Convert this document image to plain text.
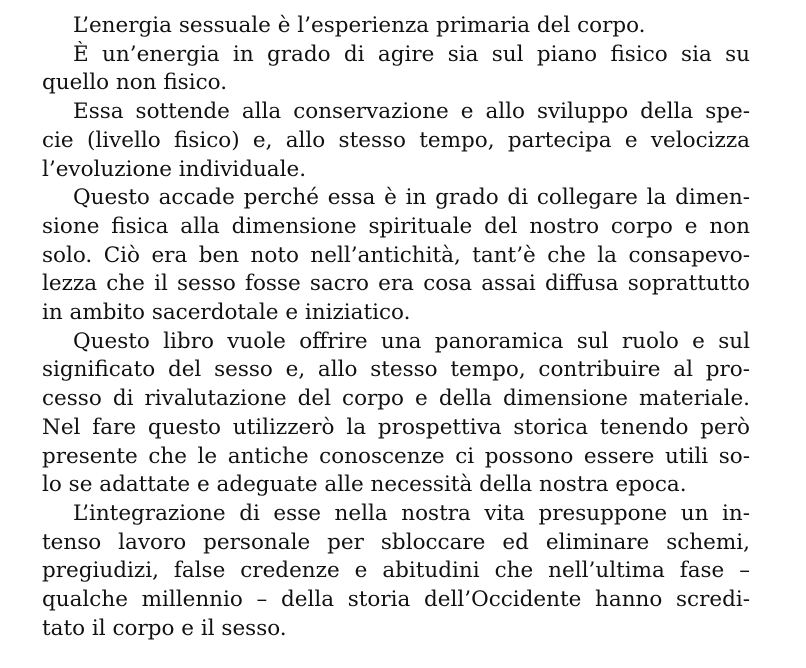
L’energia sessuale è l’esperienza primaria del corpo.
È un’energia in grado di agire sia sul piano fisico sia su
quello non fisico.
Essa sottende alla conservazione e allo sviluppo della spe-
cie (livello fisico) e, allo stesso tempo, partecipa e velocizza
l’evoluzione individuale.
Questo accade perché essa è in grado di collegare la dimen-
sione fisica alla dimensione spirituale del nostro corpo e non
solo. Ciò era ben noto nell’antichità, tant’è che la consapevo-
lezza che il sesso fosse sacro era cosa assai diffusa soprattutto
in ambito sacerdotale e iniziatico.
Questo libro vuole offrire una panoramica sul ruolo e sul
significato del sesso e, allo stesso tempo, contribuire al pro-
cesso di rivalutazione del corpo e della dimensione materiale.
Nel fare questo utilizzerò la prospettiva storica tenendo però
presente che le antiche conoscenze ci possono essere utili so-
lo se adattate e adeguate alle necessità della nostra epoca.
L’integrazione di esse nella nostra vita presuppone un in-
tenso lavoro personale per sbloccare ed eliminare schemi,
pregiudizi, false credenze e abitudini che nell’ultima fase –
qualche millennio – della storia dell’Occidente hanno scredi-
tato il corpo e il sesso.
